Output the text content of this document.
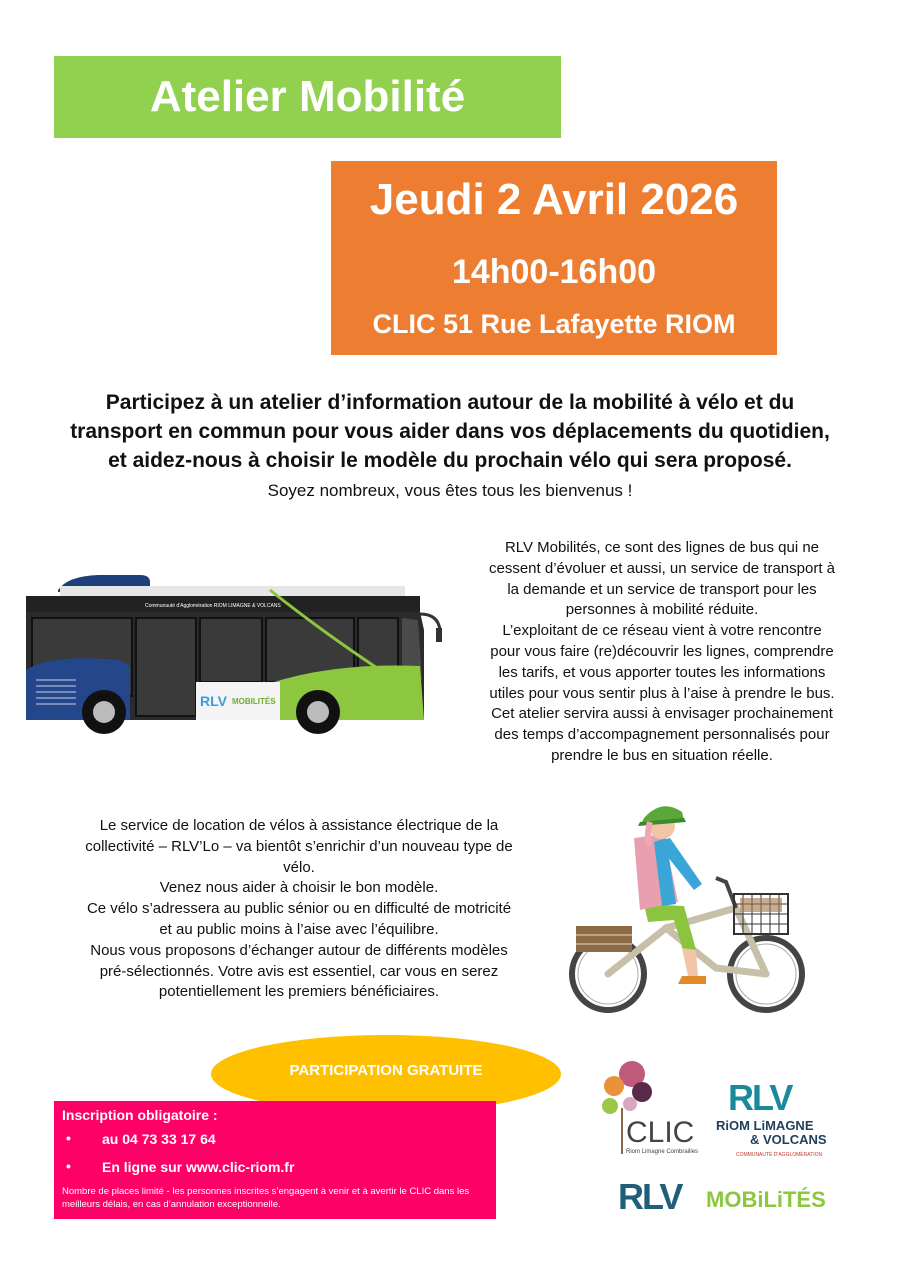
Atelier Mobilité
Jeudi 2 Avril 2026
14h00-16h00
CLIC 51 Rue Lafayette RIOM
Participez à un atelier d’information autour de la mobilité à vélo et du
transport en commun pour vous aider dans vos déplacements du quotidien,
et aidez-nous à choisir le modèle du prochain vélo qui sera proposé.
Soyez nombreux, vous êtes tous les bienvenus !
Communauté d'Agglomération RIOM LIMAGNE & VOLCANS
RLV MOBILITÉS
RLV Mobilités, ce sont des lignes de bus qui ne
cessent d’évoluer et aussi, un service de transport à
la demande et un service de transport pour les
personnes à mobilité réduite.
L’exploitant de ce réseau vient à votre rencontre
pour vous faire (re)découvrir les lignes, comprendre
les tarifs, et vous apporter toutes les informations
utiles pour vous sentir plus à l’aise à prendre le bus.
Cet atelier servira aussi à envisager prochainement
des temps d’accompagnement personnalisés pour
prendre le bus en situation réelle.
Le service de location de vélos à assistance électrique de la
collectivité – RLV’Lo – va bientôt s’enrichir d’un nouveau type de
vélo.
Venez nous aider à choisir le bon modèle.
Ce vélo s’adressera au public sénior ou en difficulté de motricité
et au public moins à l’aise avec l’équilibre.
Nous vous proposons d’échanger autour de différents modèles
pré-sélectionnés. Votre avis est essentiel, car vous en serez
potentiellement les premiers bénéficiaires.
PARTICIPATION GRATUITE
Inscription obligatoire :
• au 04 73 33 17 64
• En ligne sur www.clic-riom.fr
Nombre de places limité - les personnes inscrites s’engagent à venir et à avertir le CLIC dans les meilleurs délais, en cas d’annulation exceptionnelle.
CLIC
Riom Limagne Combrailles
RLV
RiOM LiMAGNE
& VOLCANS
COMMUNAUTÉ D'AGGLOMÉRATION
RLV MOBiLiTÉS
